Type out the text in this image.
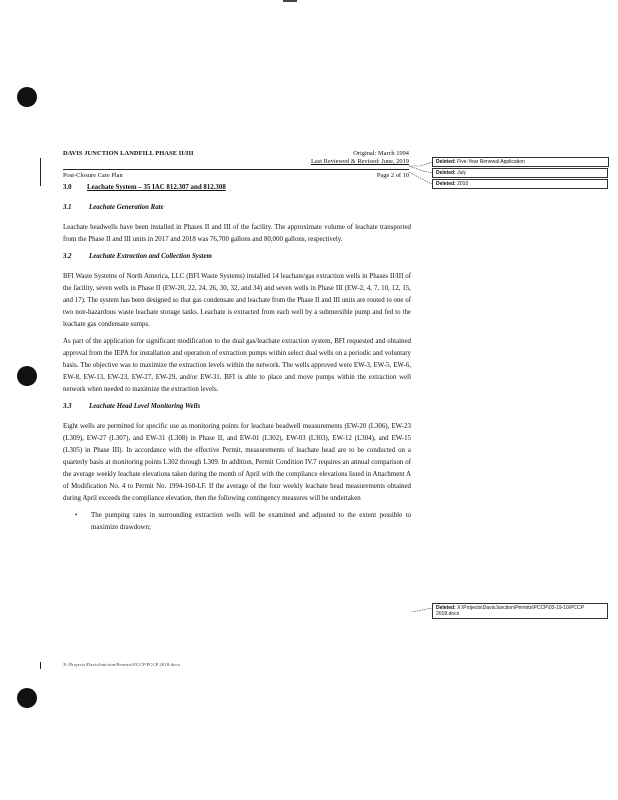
DAVIS JUNCTION LANDFILL PHASE II/III	Original: March 1994
Last Reviewed & Revised: June, 2019
Post-Closure Care Plan	Page 2 of 10
Deleted: Five-Year Renewal Application
Deleted: July
Deleted: 2010
Deleted: X:\Projects\DavisJunction\Permits\PCCP\03-19-10\PCCP 2018.docx
3.0 Leachate System – 35 IAC 812.307 and 812.308
3.1	Leachate Generation Rate

Leachate headwells have been installed in Phases II and III of the facility. The approximate volume of leachate transported from the Phase II and III units in 2017 and 2018 was 76,700 gallons and 80,000 gallons, respectively.

3.2	Leachate Extraction and Collection System

BFI Waste Systems of North America, LLC (BFI Waste Systems) installed 14 leachate/gas extraction wells in Phases II/III of the facility, seven wells in Phase II (EW-20, 22, 24, 26, 30, 32, and 34) and seven wells in Phase III (EW-2, 4, 7, 10, 12, 15, and 17). The system has been designed so that gas condensate and leachate from the Phase II and III units are routed to one of two non-hazardous waste leachate storage tanks. Leachate is extracted from each well by a submersible pump and fed to the leachate gas condensate sumps.

As part of the application for significant modification to the dual gas/leachate extraction system, BFI requested and obtained approval from the IEPA for installation and operation of extraction pumps within select dual wells on a periodic and voluntary basis. The objective was to maximize the extraction levels within the network. The wells approved were EW-3, EW-5, EW-6, EW-8, EW-13, EW-23, EW-27, EW-29, and/or EW-31. BFI is able to place and move pumps within the extraction well network when needed to maximize the extraction levels.

3.3	Leachate Head Level Monitoring Wells

Eight wells are permitted for specific use as monitoring points for leachate headwell measurements (EW-20 (L306), EW-23 (L309), EW-27 (L307), and EW-31 (L308) in Phase II, and EW-01 (L302), EW-03 (L303), EW-12 (L304), and EW-15 (L305) in Phase III). In accordance with the effective Permit, measurements of leachate head are to be conducted on a quarterly basis at monitoring points L302 through L309. In addition, Permit Condition IV.7 requires an annual comparison of the average weekly leachate elevations taken during the month of April with the compliance elevations listed in Attachment A of Modification No. 4 to Permit No. 1994-160-LF. If the average of the four weekly leachate head measurements obtained during April exceeds the compliance elevation, then the following contingency measures will be undertaken

• The pumping rates in surrounding extraction wells will be examined and adjusted to the extent possible to maximize drawdown;
X:\Projects\DavisJunction\Permits\PCCP\PCCP 2018.docx
